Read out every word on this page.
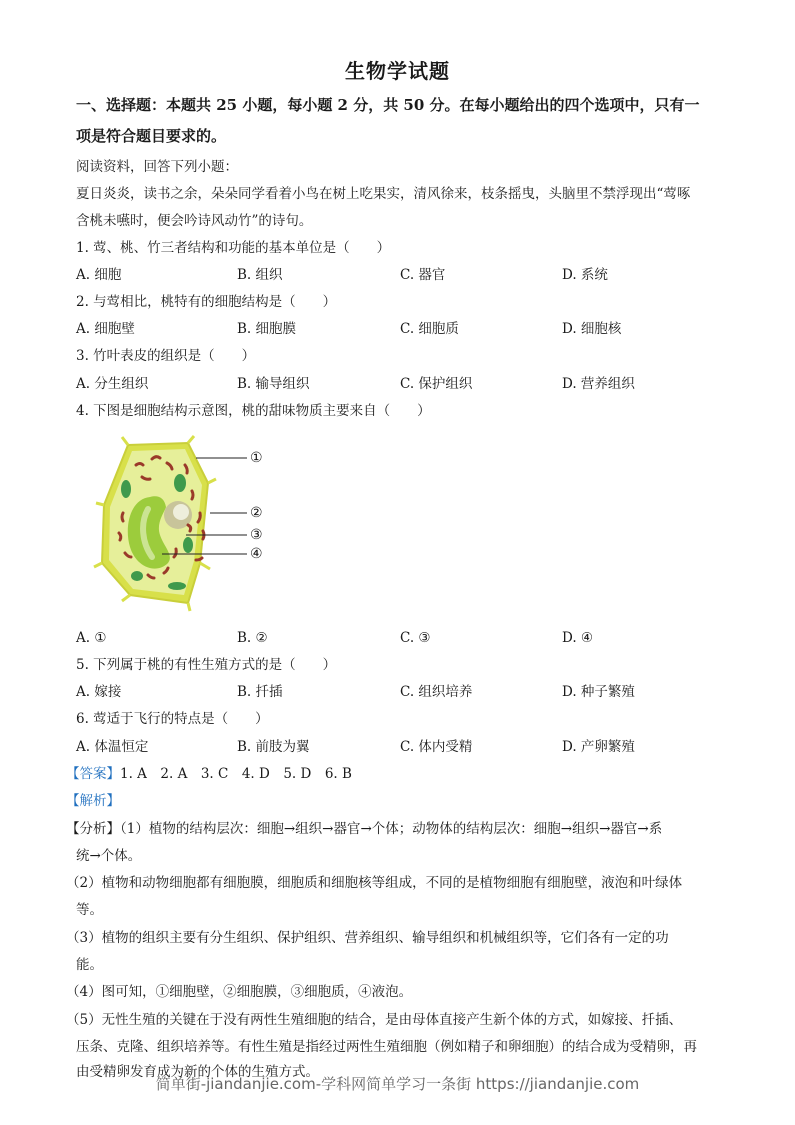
生物学试题
一、选择题：本题共 25 小题，每小题 2 分，共 50 分。在每小题给出的四个选项中，只有一
项是符合题目要求的。
阅读资料，回答下列小题：
夏日炎炎，读书之余，朵朵同学看着小鸟在树上吃果实，清风徐来，枝条摇曳，头脑里不禁浮现出“莺啄
含桃未嚥时，便会吟诗风动竹”的诗句。
1. 莺、桃、竹三者结构和功能的基本单位是（　　）
A. 细胞	B. 组织	C. 器官	D. 系统
2. 与莺相比，桃特有的细胞结构是（　　）
A. 细胞壁	B. 细胞膜	C. 细胞质	D. 细胞核
3. 竹叶表皮的组织是（　　）
A. 分生组织	B. 输导组织	C. 保护组织	D. 营养组织
4. 下图是细胞结构示意图，桃的甜味物质主要来自（　　）
①
②
③
④
A. ①	B. ②	C. ③	D. ④
5. 下列属于桃的有性生殖方式的是（　　）
A. 嫁接	B. 扦插	C. 组织培养	D. 种子繁殖
6. 莺适于飞行的特点是（　　）
A. 体温恒定	B. 前肢为翼	C. 体内受精	D. 产卵繁殖
【答案】1. A　2. A　3. C　4. D　5. D　6. B
【解析】
【分析】（1）植物的结构层次：细胞→组织→器官→个体；动物体的结构层次：细胞→组织→器官→系
统→个体。
（2）植物和动物细胞都有细胞膜，细胞质和细胞核等组成，不同的是植物细胞有细胞壁，液泡和叶绿体
等。
（3）植物的组织主要有分生组织、保护组织、营养组织、输导组织和机械组织等，它们各有一定的功
能。
（4）图可知，①细胞壁，②细胞膜，③细胞质，④液泡。
（5）无性生殖的关键在于没有两性生殖细胞的结合，是由母体直接产生新个体的方式，如嫁接、扦插、
压条、克隆、组织培养等。有性生殖是指经过两性生殖细胞（例如精子和卵细胞）的结合成为受精卵，再
由受精卵发育成为新的个体的生殖方式。
简单街-jiandanjie.com-学科网简单学习一条街 https://jiandanjie.com
